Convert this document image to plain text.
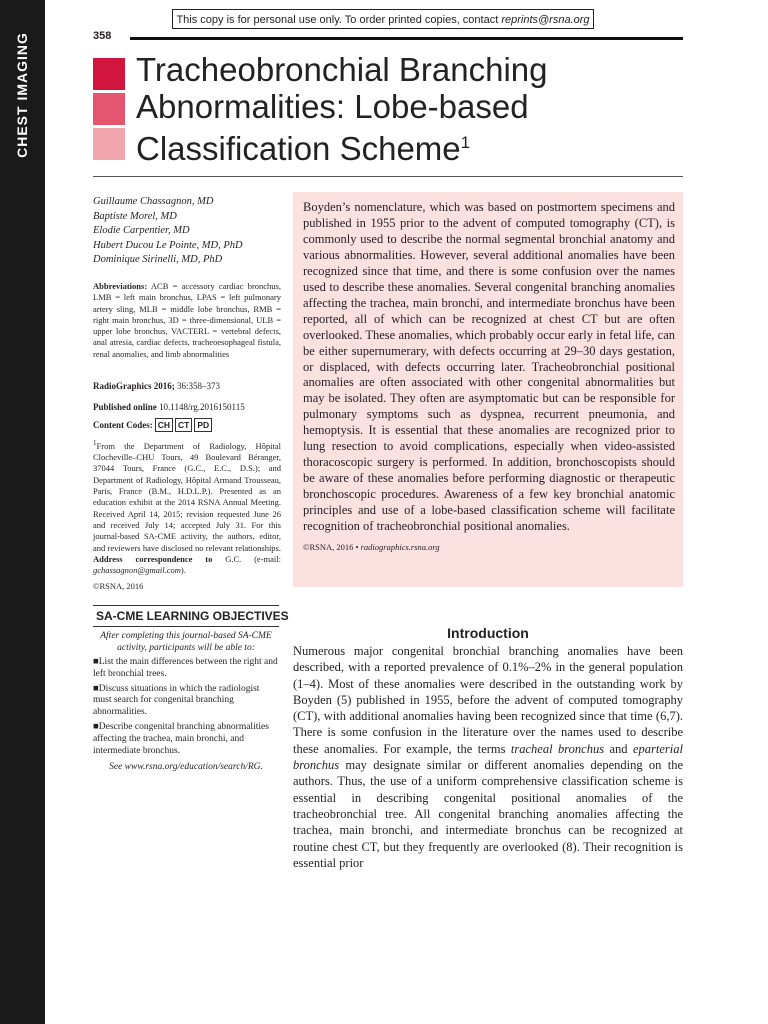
CHEST IMAGING
This copy is for personal use only. To order printed copies, contact reprints@rsna.org
358
Tracheobronchial Branching
Abnormalities: Lobe-based
Classification Scheme$^1$
Guillaume Chassagnon, MD
Baptiste Morel, MD
Elodie Carpentier, MD
Hubert Ducou Le Pointe, MD, PhD
Dominique Sirinelli, MD, PhD

Abbreviations: ACB = accessory cardiac bronchus, LMB = left main bronchus, LPAS = left pulmonary artery sling, MLB = middle lobe bronchus, RMB = right main bronchus, 3D = three-dimensional, ULB = upper lobe bronchus, VACTERL = vertebral defects, anal atresia, cardiac defects, tracheoesophageal fistula, renal anomalies, and limb abnormalities

RadioGraphics 2016; 36:358–373

Published online 10.1148/rg.2016150115

Content Codes: CH CT PD

$^1$From the Department of Radiology, Hôpital Clocheville–CHU Tours, 49 Boulevard Béranger, 37044 Tours, France (G.C., E.C., D.S.); and Department of Radiology, Hôpital Armand Trousseau, Paris, France (B.M., H.D.L.P.). Presented as an education exhibit at the 2014 RSNA Annual Meeting. Received April 14, 2015; revision requested June 26 and received July 14; accepted July 31. For this journal-based SA-CME activity, the authors, editor, and reviewers have disclosed no relevant relationships. Address correspondence to G.C. (e-mail: gchassagnon@gmail.com).

©RSNA, 2016

SA-CME LEARNING OBJECTIVES

After completing this journal-based SA-CME activity, participants will be able to:

■List the main differences between the right and left bronchial trees.

■Discuss situations in which the radiologist must search for congenital branching abnormalities.

■Describe congenital branching abnormalities affecting the trachea, main bronchi, and intermediate bronchus.

See www.rsna.org/education/search/RG.

Boyden’s nomenclature, which was based on postmortem specimens and published in 1955 prior to the advent of computed tomography (CT), is commonly used to describe the normal segmental bronchial anatomy and various abnormalities. However, several additional anomalies have been recognized since that time, and there is some confusion over the names used to describe these anomalies. Several congenital branching anomalies affecting the trachea, main bronchi, and intermediate bronchus have been reported, all of which can be recognized at chest CT but are often overlooked. These anomalies, which probably occur early in fetal life, can be either supernumerary, with defects occurring at 29–30 days gestation, or displaced, with defects occurring later. Tracheobronchial positional anomalies are often associated with other congenital abnormalities but may be isolated. They often are asymptomatic but can be responsible for pulmonary symptoms such as dyspnea, recurrent pneumonia, and hemoptysis. It is essential that these anomalies are recognized prior to lung resection to avoid complications, especially when video-assisted thoracoscopic surgery is performed. In addition, bronchoscopists should be aware of these anomalies before performing diagnostic or therapeutic bronchoscopic procedures. Awareness of a few key bronchial anatomic principles and use of a lobe-based classification scheme will facilitate recognition of tracheobronchial positional anomalies.

©RSNA, 2016 • radiographics.rsna.org

Introduction

Numerous major congenital bronchial branching anomalies have been described, with a reported prevalence of 0.1%–2% in the general population (1–4). Most of these anomalies were described in the outstanding work by Boyden (5) published in 1955, before the advent of computed tomography (CT), with additional anomalies having been recognized since that time (6,7). There is some confusion in the literature over the names used to describe these anomalies. For example, the terms tracheal bronchus and eparterial bronchus may designate similar or different anomalies depending on the authors. Thus, the use of a uniform comprehensive classification scheme is essential in describing congenital positional anomalies of the tracheobronchial tree. All congenital branching anomalies affecting the trachea, main bronchi, and intermediate bronchus can be recognized at routine chest CT, but they frequently are overlooked (8). Their recognition is essential prior
